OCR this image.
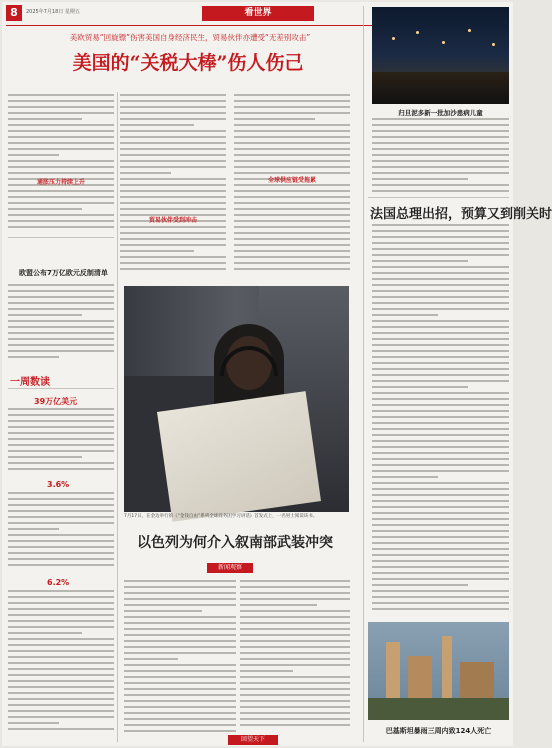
8	2025年7月18日 星期五	看世界
美欧贸易“回旋镖”伤害美国自身经济民生，贸易伙伴亦遭受“无差别攻击”
美国的“关税大棒”伤人伤己
通胀压力持续上升
贸易伙伴受到冲击
全球供应链受拖累
欧盟公布7万亿欧元反制清单
一周数读
39万亿美元
3.6%
6.2%
7月17日，在金边举行的《“金钱自由”系列全球商务团学习讲话》首发式上，一名男士阅读该书。
以色列为何介入叙南部武装冲突
新闻观察
回望天下
归旦泥多新一批加沙患病儿童
法国总理出招，预算又到削关时
巴基斯坦暴雨三周内致124人死亡
